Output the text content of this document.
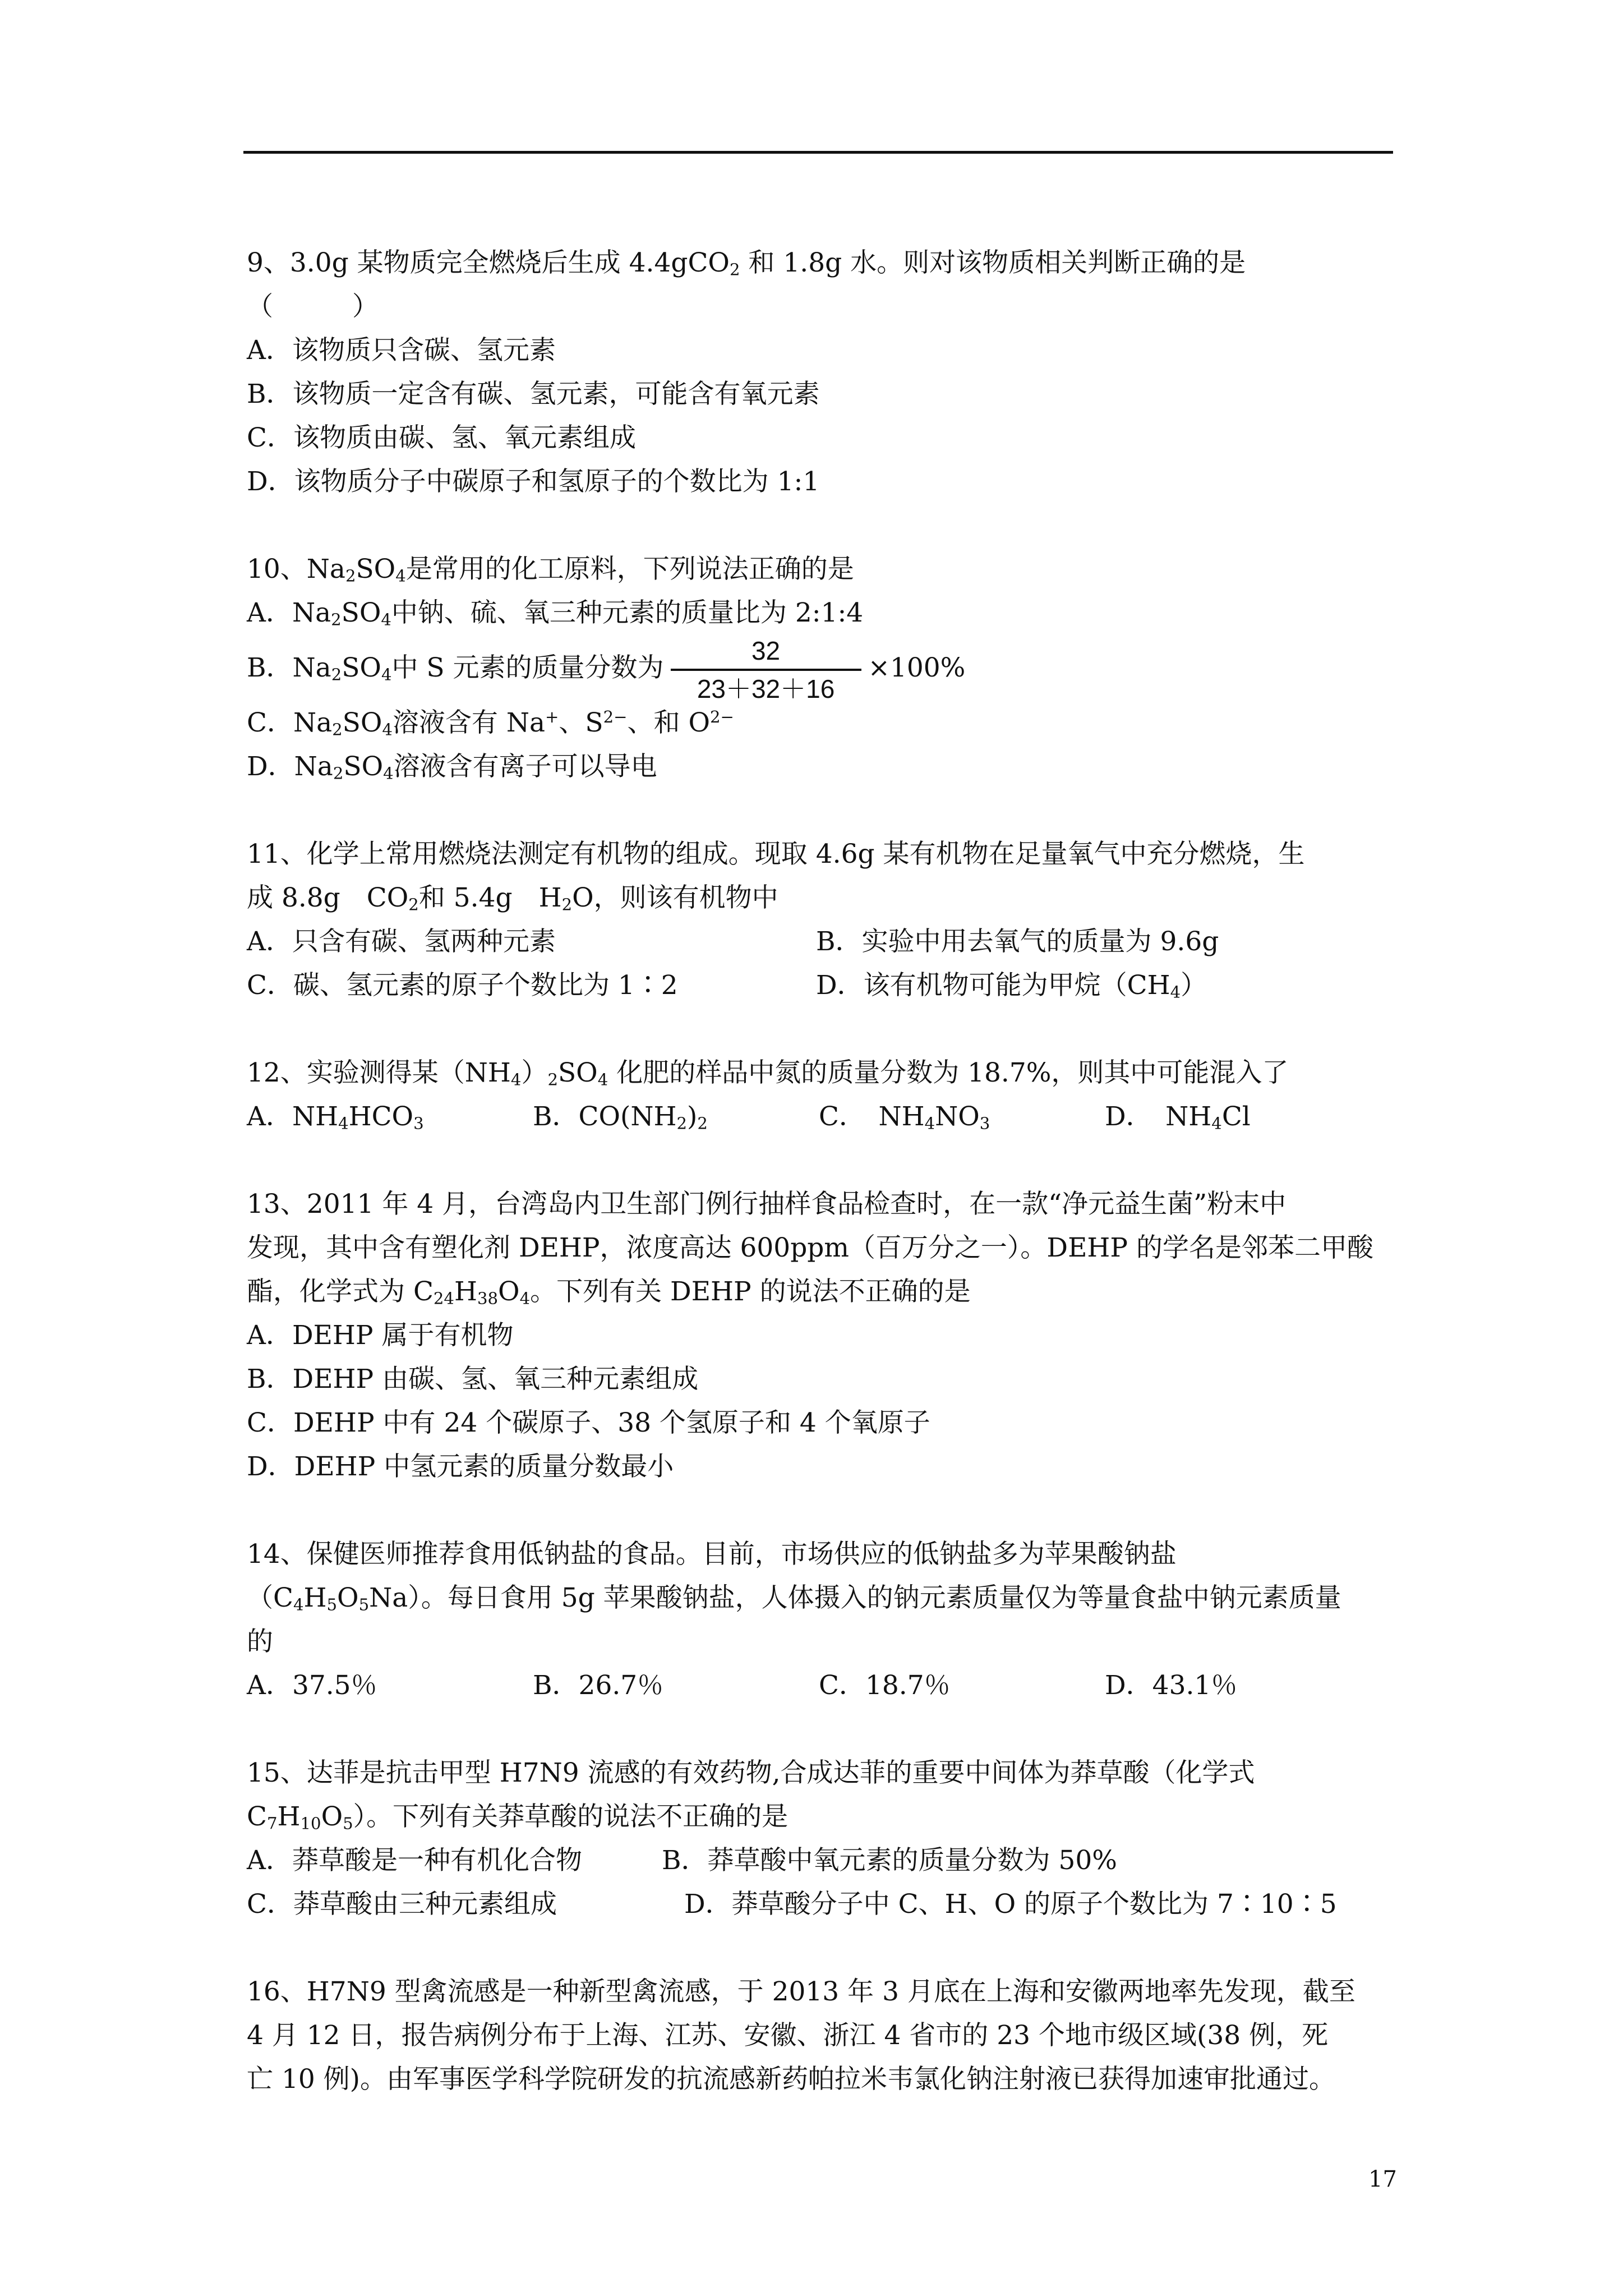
9、3.0g 某物质完全燃烧后生成 4.4gCO$_2$ 和 1.8g 水。则对该物质相关判断正确的是
（　　　）
A．该物质只含碳、氢元素
B．该物质一定含有碳、氢元素，可能含有氧元素
C．该物质由碳、氢、氧元素组成
D．该物质分子中碳原子和氢原子的个数比为 1:1
10、$Na_2SO_4$是常用的化工原料，下列说法正确的是
A．$Na_2SO_4$中钠、硫、氧三种元素的质量比为 2:1:4
B．$Na_2SO_4$中 S 元素的质量分数为 $\frac{32}{23+32+16} \times 100\%$
C．$Na_2SO_4$溶液含有 Na+、$S^{2-}$、和 $O^{2-}$
D．$Na_2SO_4$溶液含有离子可以导电
11、化学上常用燃烧法测定有机物的组成。现取 4.6g 某有机物在足量氧气中充分燃烧，生
成 8.8g　$CO_2$和 5.4g　$H_2O$，则该有机物中
A．只含有碳、氢两种元素	B．实验中用去氧气的质量为 9.6g
C．碳、氢元素的原子个数比为 1∶2	D．该有机物可能为甲烷$(CH_4)$
12、实验测得某$(NH_4)_2SO_4$ 化肥的样品中氮的质量分数为 18.7%，则其中可能混入了
A．$NH_4HCO_3$	B．$CO(NH_2)_2$	C．　$NH_4NO_3$	D．　$NH_4Cl$
13、2011 年 4 月，台湾岛内卫生部门例行抽样食品检查时，在一款“净元益生菌”粉末中
发现，其中含有塑化剂 DEHP，浓度高达 600ppm（百万分之一）。DEHP 的学名是邻苯二甲酸
酯，化学式为 $C_{24}H_{38}O_4$。下列有关 DEHP 的说法不正确的是
A．DEHP 属于有机物
B．DEHP 由碳、氢、氧三种元素组成
C．DEHP 中有 24 个碳原子、38 个氢原子和 4 个氧原子
D．DEHP 中氢元素的质量分数最小
14、保健医师推荐食用低钠盐的食品。目前，市场供应的低钠盐多为苹果酸钠盐
$(C_4H_5O_5Na)$。每日食用 5g 苹果酸钠盐，人体摄入的钠元素质量仅为等量食盐中钠元素质量
的
A．37.5％	B．26.7％	C．18.7％	D．43.1％
15、达菲是抗击甲型 H7N9 流感的有效药物,合成达菲的重要中间体为莽草酸（化学式
$C_7H_{10}O_5$）。下列有关莽草酸的说法不正确的是
A．莽草酸是一种有机化合物	B．莽草酸中氧元素的质量分数为 50%
C．莽草酸由三种元素组成	D．莽草酸分子中 C、H、O 的原子个数比为 7∶10∶5
16、H7N9 型禽流感是一种新型禽流感，于 2013 年 3 月底在上海和安徽两地率先发现，截至
4 月 12 日，报告病例分布于上海、江苏、安徽、浙江 4 省市的 23 个地市级区域(38 例，死
亡 10 例)。由军事医学科学院研发的抗流感新药帕拉米韦氯化钠注射液已获得加速审批通过。
17
